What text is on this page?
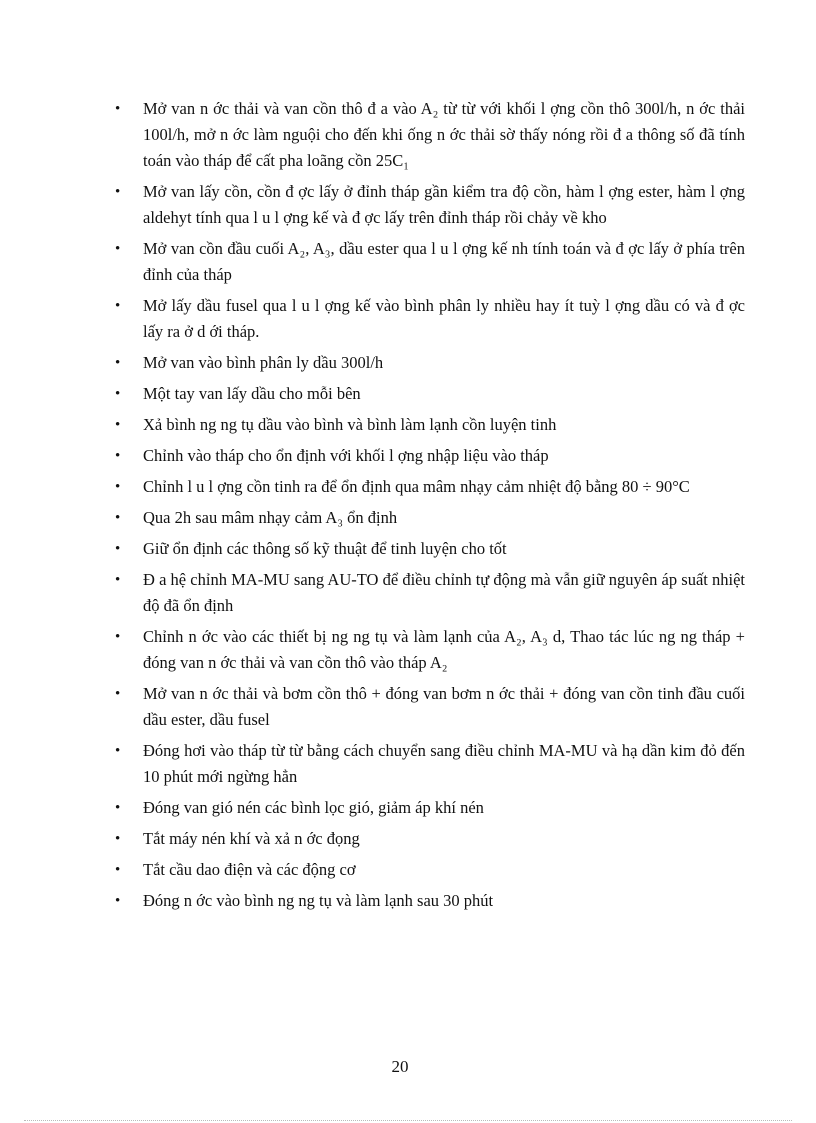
• Mở van n ớc thải và van cồn thô đ a vào A₂ từ từ với khối l ợng cồn thô 300l/h, n ớc thải 100l/h, mở n ớc làm nguội cho đến khi ống n ớc thải sờ thấy nóng rồi đ a thông số đã tính toán vào tháp để cất pha loãng cồn 25C₁
• Mở van lấy cồn, cồn đ ợc lấy ở đỉnh tháp gần kiểm tra độ cồn, hàm l ợng ester, hàm l ợng aldehyt tính qua l u l ợng kế và đ ợc lấy trên đỉnh tháp rồi chảy về kho
• Mở van cồn đầu cuối A₂, A₃, dầu ester qua l u l ợng kế nh tính toán và đ ợc lấy ở phía trên đỉnh của tháp
• Mở lấy dầu fusel qua l u l ợng kế vào bình phân ly nhiều hay ít tuỳ l ợng dầu có và đ ợc lấy ra ở d ới tháp.
• Mở van vào bình phân ly dầu 300l/h
• Một tay van lấy dầu cho mỗi bên
• Xả bình ng ng tụ dầu vào bình và bình làm lạnh cồn luyện tinh
• Chỉnh vào tháp cho ổn định với khối l ợng nhập liệu vào tháp
• Chỉnh l u l ợng cồn tinh ra để ổn định qua mâm nhạy cảm nhiệt độ bằng 80 ÷ 90°C
• Qua 2h sau mâm nhạy cảm A₃ ổn định
• Giữ ổn định các thông số kỹ thuật để tinh luyện cho tốt
• Đ a hệ chỉnh MA-MU sang AU-TO để điều chỉnh tự động mà vẫn giữ nguyên áp suất nhiệt độ đã ổn định
• Chỉnh n ớc vào các thiết bị ng ng tụ và làm lạnh của A₂, A₃ d, Thao tác lúc ng ng tháp + đóng van n ớc thải và van cồn thô vào tháp A₂
• Mở van n ớc thải và bơm cồn thô + đóng van bơm n ớc thải + đóng van cồn tinh đầu cuối dầu ester, dầu fusel
• Đóng hơi vào tháp từ từ bằng cách chuyển sang điều chỉnh MA-MU và hạ dần kim đỏ đến 10 phút mới ngừng hẳn
• Đóng van gió nén các bình lọc gió, giảm áp khí nén
• Tắt máy nén khí và xả n ớc đọng
• Tắt cầu dao điện và các động cơ
• Đóng n ớc vào bình ng ng tụ và làm lạnh sau 30 phút
20
